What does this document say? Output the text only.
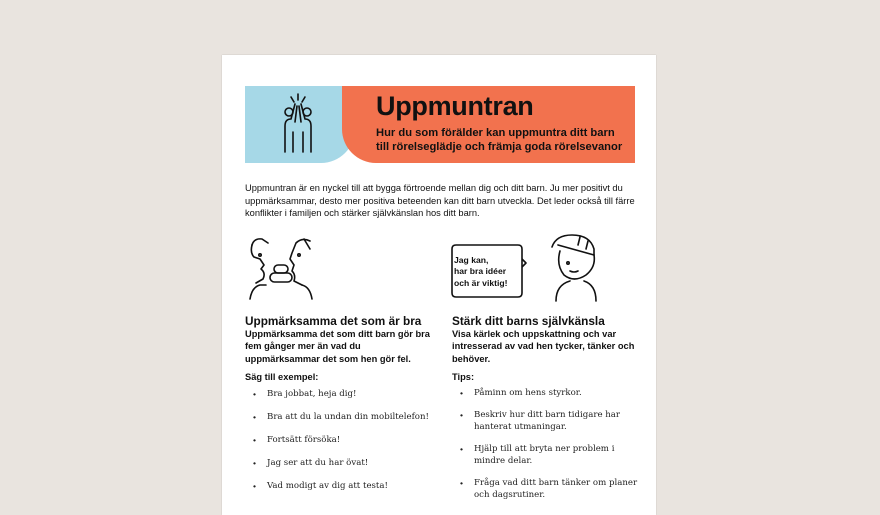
Uppmuntran

Hur du som förälder kan uppmuntra ditt barn till rörelseglädje och främja goda rörelsevanor

Uppmuntran är en nyckel till att bygga förtroende mellan dig och ditt barn. Ju mer positivt du uppmärksammar, desto mer positiva beteenden kan ditt barn utveckla. Det leder också till färre konflikter i familjen och stärker självkänslan hos ditt barn.

Uppmärksamma det som är bra

Uppmärksamma det som ditt barn gör bra fem gånger mer än vad du uppmärksammar det som hen gör fel.

Säg till exempel:

• Bra jobbat, heja dig!
• Bra att du la undan din mobiltelefon!
• Fortsätt försöka!
• Jag ser att du har övat!
• Vad modigt av dig att testa!
Jag kan,
har bra idéer
och är viktig!
Stärk ditt barns självkänsla

Visa kärlek och uppskattning och var intresserad av vad hen tycker, tänker och behöver.

Tips:

• Påminn om hens styrkor.
• Beskriv hur ditt barn tidigare har hanterat utmaningar.
• Hjälp till att bryta ner problem i mindre delar.
• Fråga vad ditt barn tänker om planer och dagsrutiner.
